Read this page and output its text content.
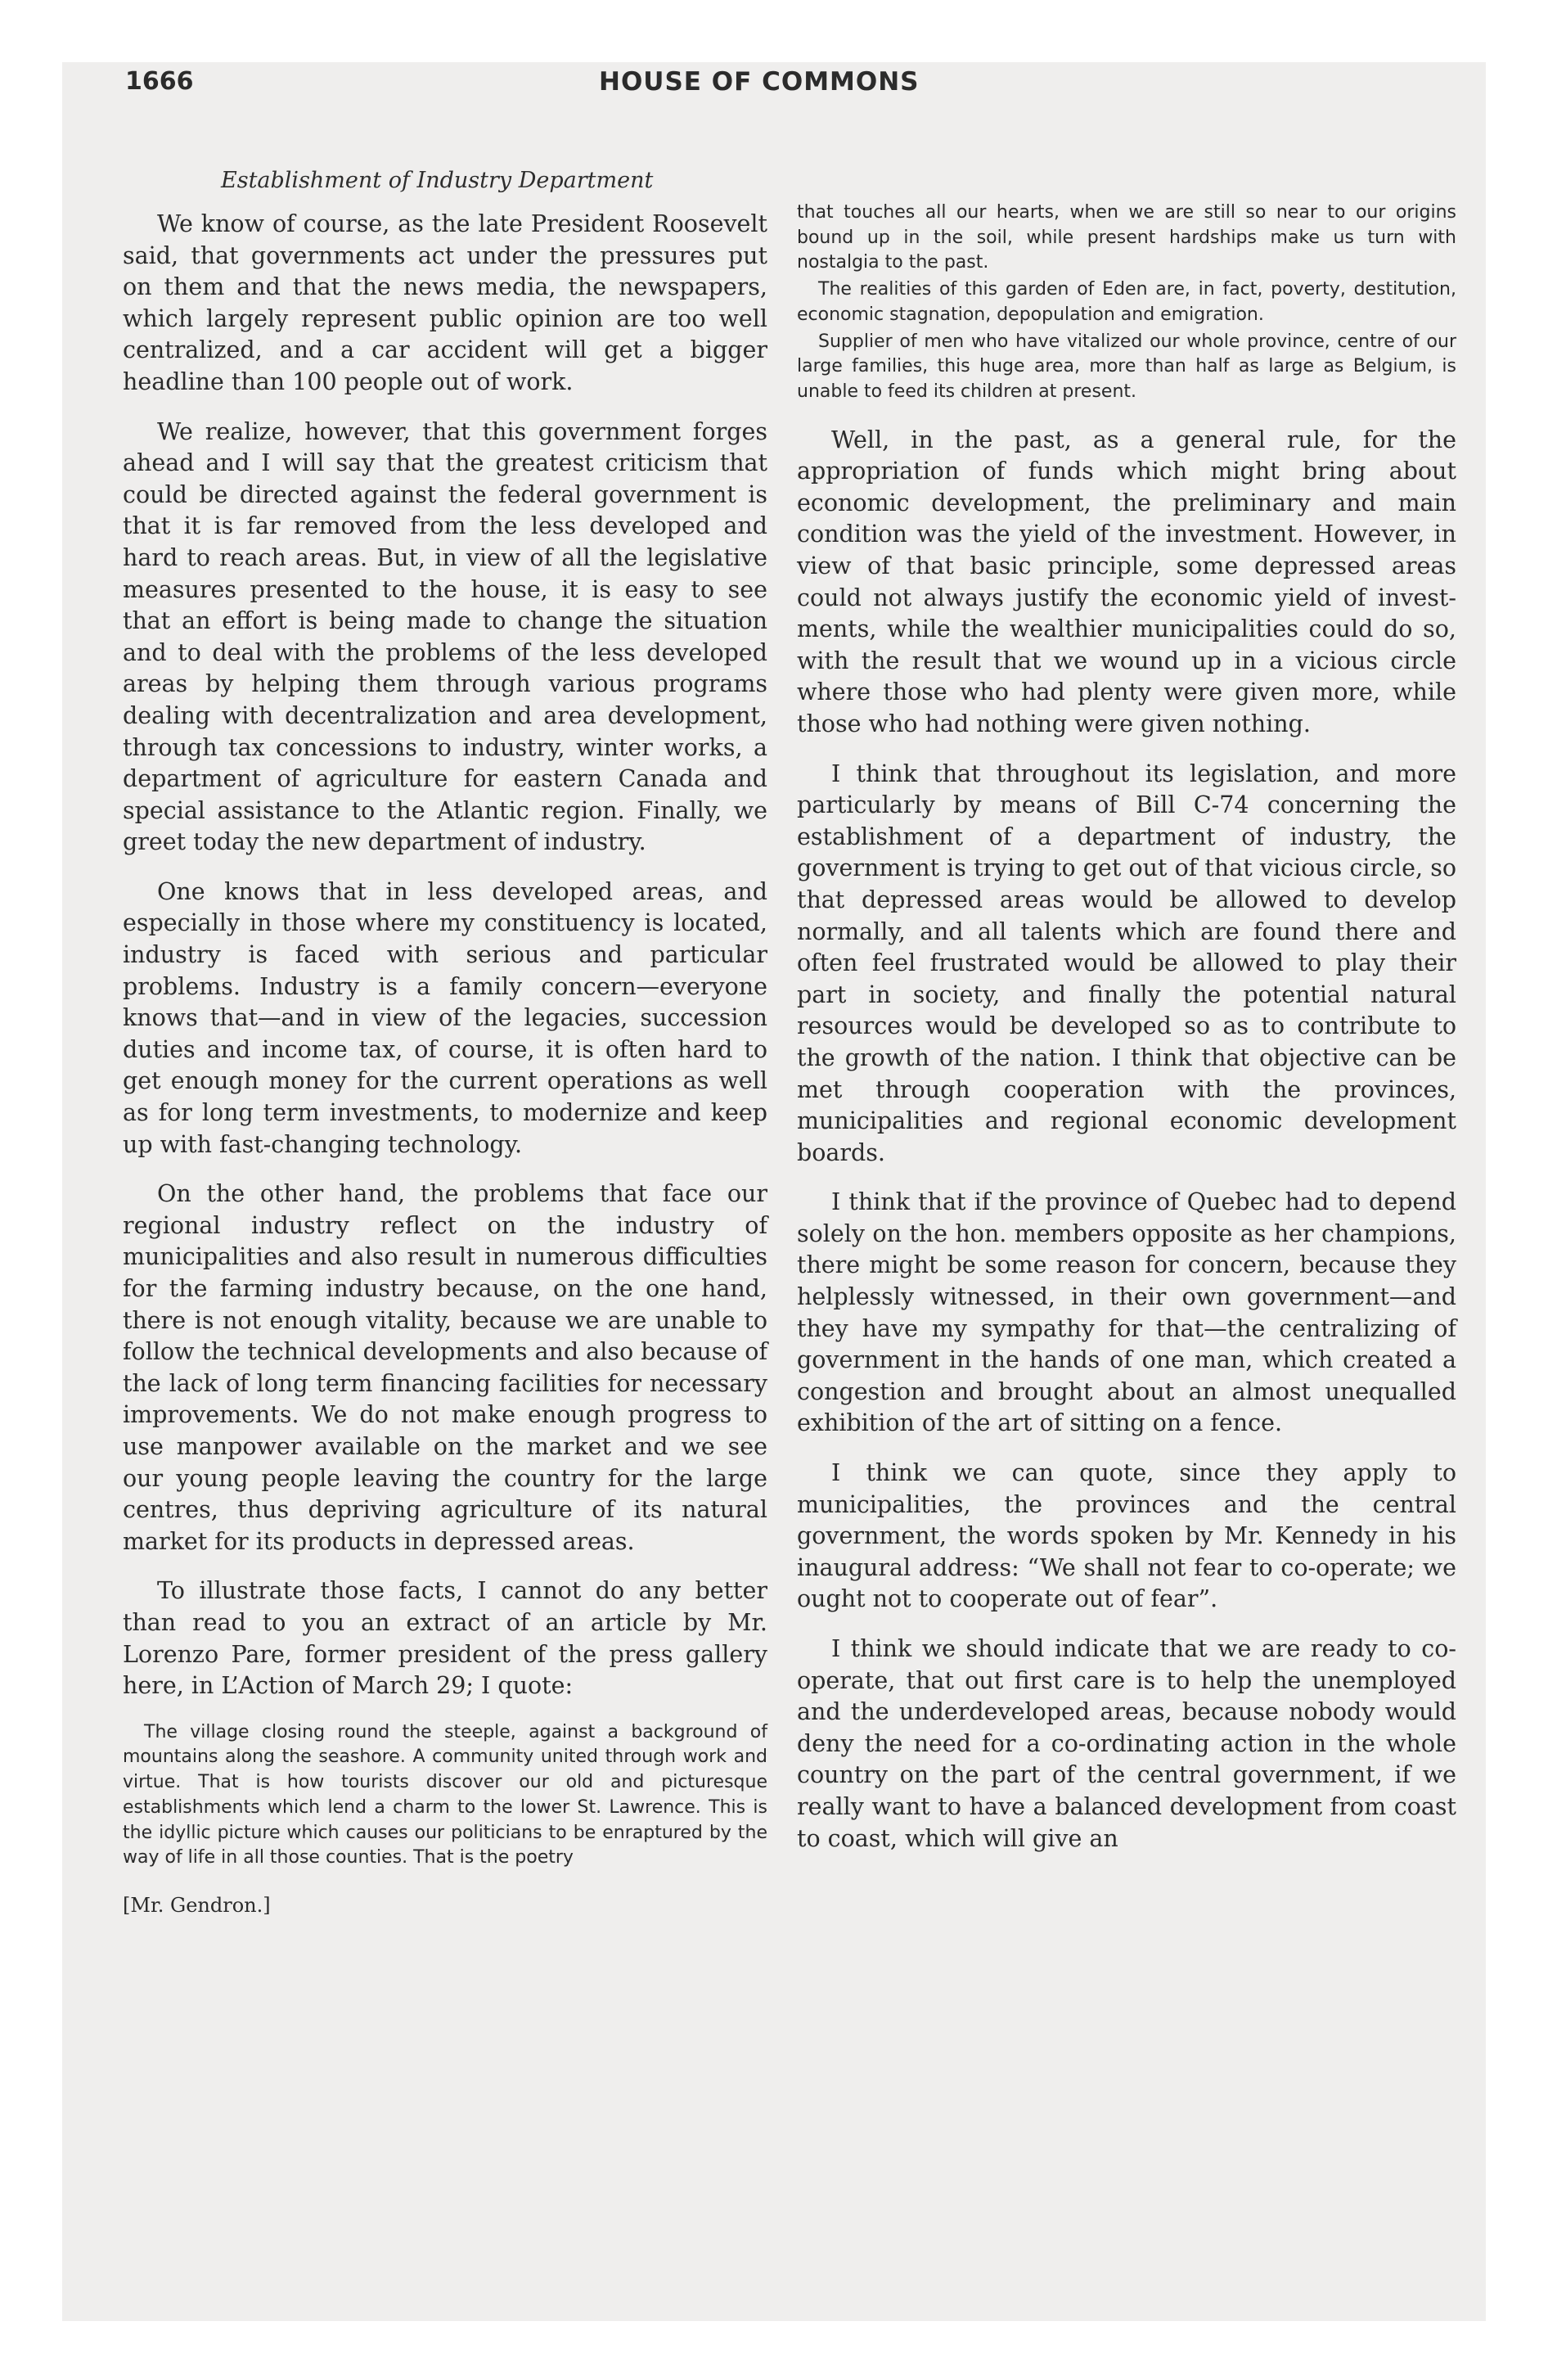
1666	HOUSE OF COMMONS
Establishment of Industry Department

We know of course, as the late President Roosevelt said, that governments act under the pressures put on them and that the news media, the newspapers, which largely represent public opinion are too well centralized, and a car accident will get a bigger headline than 100 people out of work.

We realize, however, that this government forges ahead and I will say that the greatest criticism that could be directed against the federal government is that it is far removed from the less developed and hard to reach areas. But, in view of all the legislative measures presented to the house, it is easy to see that an effort is being made to change the situation and to deal with the problems of the less developed areas by helping them through various programs dealing with decentralization and area development, through tax concessions to industry, winter works, a department of agriculture for eastern Canada and special assistance to the Atlantic region. Finally, we greet today the new department of industry.

One knows that in less developed areas, and especially in those where my constituency is located, industry is faced with serious and particular problems. Industry is a family concern—everyone knows that—and in view of the legacies, succession duties and income tax, of course, it is often hard to get enough money for the current operations as well as for long term investments, to modernize and keep up with fast-changing technology.

On the other hand, the problems that face our regional industry reflect on the industry of municipalities and also result in numerous difficulties for the farming industry because, on the one hand, there is not enough vitality, because we are unable to follow the technical developments and also because of the lack of long term financing facilities for necessary improvements. We do not make enough progress to use manpower available on the market and we see our young people leaving the country for the large centres, thus depriving agriculture of its natural market for its products in depressed areas.

To illustrate those facts, I cannot do any better than read to you an extract of an article by Mr. Lorenzo Pare, former president of the press gallery here, in L’Action of March 29; I quote:

The village closing round the steeple, against a background of mountains along the seashore. A community united through work and virtue. That is how tourists discover our old and picturesque establishments which lend a charm to the lower St. Lawrence. This is the idyllic picture which causes our politicians to be enraptured by the way of life in all those counties. That is the poetry

[Mr. Gendron.]

that touches all our hearts, when we are still so near to our origins bound up in the soil, while present hardships make us turn with nostalgia to the past.

The realities of this garden of Eden are, in fact, poverty, destitution, economic stagnation, depopulation and emigration.

Supplier of men who have vitalized our whole province, centre of our large families, this huge area, more than half as large as Belgium, is unable to feed its children at present.

Well, in the past, as a general rule, for the appropriation of funds which might bring about economic development, the preliminary and main condition was the yield of the investment. However, in view of that basic principle, some depressed areas could not always justify the economic yield of investments, while the wealthier municipalities could do so, with the result that we wound up in a vicious circle where those who had plenty were given more, while those who had nothing were given nothing.

I think that throughout its legislation, and more particularly by means of Bill C-74 concerning the establishment of a department of industry, the government is trying to get out of that vicious circle, so that depressed areas would be allowed to develop normally, and all talents which are found there and often feel frustrated would be allowed to play their part in society, and finally the potential natural resources would be developed so as to contribute to the growth of the nation. I think that objective can be met through cooperation with the provinces, municipalities and regional economic development boards.

I think that if the province of Quebec had to depend solely on the hon. members opposite as her champions, there might be some reason for concern, because they helplessly witnessed, in their own government—and they have my sympathy for that—the centralizing of government in the hands of one man, which created a congestion and brought about an almost unequalled exhibition of the art of sitting on a fence.

I think we can quote, since they apply to municipalities, the provinces and the central government, the words spoken by Mr. Kennedy in his inaugural address: “We shall not fear to co-operate; we ought not to cooperate out of fear”.

I think we should indicate that we are ready to co-operate, that out first care is to help the unemployed and the underdeveloped areas, because nobody would deny the need for a co-ordinating action in the whole country on the part of the central government, if we really want to have a balanced development from coast to coast, which will give an
